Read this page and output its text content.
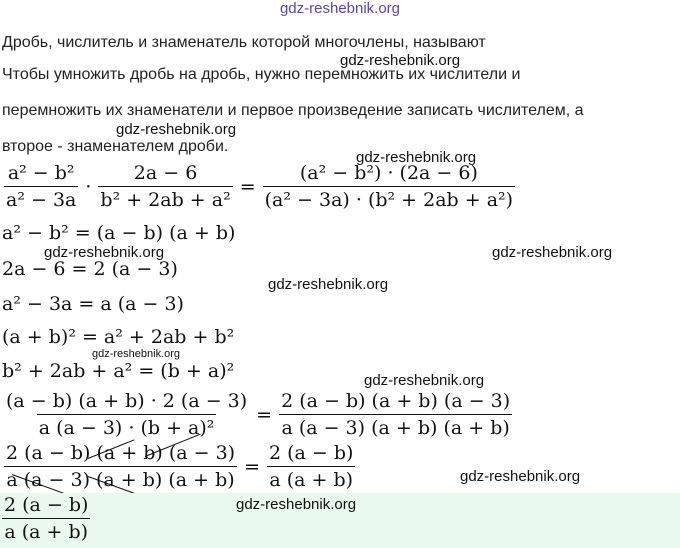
gdz-reshebnik.org
Дробь, числитель и знаменатель которой многочлены, называют
Чтобы умножить дробь на дробь, нужно перемножить их числители и
перемножить их знаменатели и первое произведение записать числителем, а
второе - знаменателем дроби.
$\frac{\text{a² − b²}}{\text{a² − 3a}} \cdot \frac{2a - 6}{\text{b² + 2ab + a²}} = \frac{\text{(a² − b²) · (2a − 6)}}{\text{(a² − 3a) · (b² + 2ab + a²)}}$
a² − b² = (a − b) (a + b)
2a − 6 = 2 (a − 3)
a² − 3a = a (a − 3)
(a + b)² = a² + 2ab + b²
b² + 2ab + a² = (b + a)²
$\frac{(a - b) (a + b) \cdot 2 (a - 3)}{\text{a (a − 3) · (b + a)²}} = \frac{2 (a - b) (a + b) (a - 3)}{a (a - 3) (a + b) (a + b)}$
$\frac{2 (a - b) (a + b) (a - 3)}{a (a - 3) (a + b) (a + b)} = \frac{2 (a - b)}{a (a + b)}$
$\frac{2 (a - b)}{a (a + b)}$
gdz-reshebnik.org
gdz-reshebnik.org
gdz-reshebnik.org
gdz-reshebnik.org	gdz-reshebnik.org
gdz-reshebnik.org
gdz-reshebnik.org
gdz-reshebnik.org
gdz-reshebnik.org
gdz-reshebnik.org
